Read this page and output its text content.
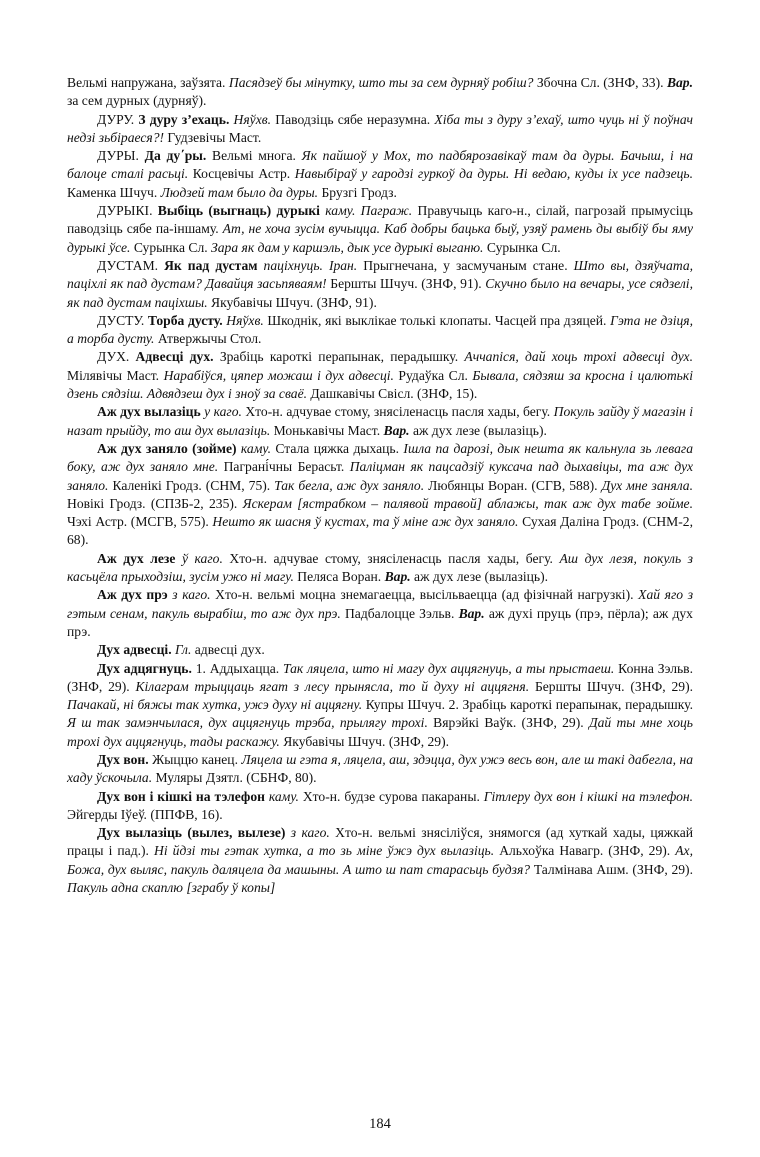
Вельмі напружана, заўзята. Пасядзеў бы мінутку, што ты за сем дурняў робіш? Збочна Сл. (ЗНФ, 33). Вар. за сем дурных (дурняў).

ДУРУ. З дуру з’ехаць. Няўхв. Паводзіць сябе неразумна. Хіба ты з дуру з’ехаў, што чуць ні ў поўнач недзі зьбіраеся?! Гудзевічы Маст.

ДУРЫ. Да ду΄ры. Вельмі многа. Як пайшоў у Мох, то падбярозавікаў там да дуры. Бачыш, і на балоце сталі расьці. Косцевічы Астр. Навыбіраў у гародзі гуркоў да дуры. Ні ведаю, куды іх усе падзець. Каменка Шчуч. Людзей там было да дуры. Брузгі Гродз.

ДУРЫКІ. Выбіць (выгнаць) дурыкі каму. Паграж. Правучыць каго-н., сілай, пагрозай прымусіць паводзіць сябе па-іншаму. Ат, не хоча зусім вучыцца. Каб добры бацька быў, узяў рамень ды выбіў бы яму дурыкі ўсе. Сурынка Сл. Зара як дам у каршэль, дык усе дурыкі выганю. Сурынка Сл.

ДУСТАМ. Як пад дустам паціхнуць. Іран. Прыгнечана, у засмучаным стане. Што вы, дзяўчата, паціхлі як пад дустам? Давайця засьпяваям! Бершты Шчуч. (ЗНФ, 91). Скучно было на вечары, усе сядзелі, як пад дустам паціхшы. Якубавічы Шчуч. (ЗНФ, 91).

ДУСТУ. Торба дусту. Няўхв. Шкоднік, які выклікае толькі клопаты. Часцей пра дзяцей. Гэта не дзіця, а торба дусту. Атвержычы Стол.

ДУХ. Адвесці дух. Зрабіць кароткі перапынак, перадышку. Аччапіся, дай хоць трохі адвесці дух. Мілявічы Маст. Нарабіўся, цяпер можаш і дух адвесці. Рудаўка Сл. Бывала, сядзяш за кросна і цалютькі дзень сядзіш. Адвядзеш дух і зноў за сваё. Дашкавічы Свісл. (ЗНФ, 15).

Аж дух вылазіць у каго. Хто-н. адчувае стому, знясіленасць пасля хады, бегу. Покуль зайду ў магазін і назат прыйду, то аш дух вылазіць. Монькавічы Маст. Вар. аж дух лезе (вылазіць).

Аж дух заняло (зойме) каму. Стала цяжка дыхаць. Ішла па дарозі, дык нешта як кальнула зь левага боку, аж дух заняло мне. Паграні́чны Берасьт. Паліцман як пацсадзіў куксача пад дыхавіцы, та аж дух заняло. Каленікі Гродз. (СНМ, 75). Так бегла, аж дух заняло. Любянцы Воран. (СГВ, 588). Дух мне заняла. Новікі Гродз. (СПЗБ-2, 235). Яскерам [ястрабком – палявой травой] аблажы, так аж дух табе зойме. Чэхі Астр. (МСГВ, 575). Нешто як шасня ў кустах, та ў міне аж дух заняло. Сухая Даліна Гродз. (СНМ-2, 68).

Аж дух лезе ў каго. Хто-н. адчувае стому, знясіленасць пасля хады, бегу. Аш дух лезя, покуль з касьцёла прыходзіш, зусім ужо ні магу. Пеляса Воран. Вар. аж дух лезе (вылазіць).

Аж дух прэ з каго. Хто-н. вельмі моцна знемагаецца, высільваецца (ад фізічнай нагрузкі). Хай яго з гэтым сенам, пакуль вырабіш, то аж дух прэ. Падбалоцце Зэльв. Вар. аж духі пруць (прэ, пёрла); аж дух прэ.

Дух адвесці. Гл. адвесці дух.

Дух адцягнуць. 1. Аддыхацца. Так ляцела, што ні магу дух аццягнуць, а ты прыстаеш. Конна Зэльв. (ЗНФ, 29). Кілаграм трыццаць ягат з лесу прынясла, то й духу ні аццягня. Бершты Шчуч. (ЗНФ, 29). Пачакай, ні бяжы так хутка, ужэ духу ні аццягну. Купры Шчуч. 2. Зрабіць кароткі перапынак, перадышку. Я ш так замэнчылася, дух аццягнуць трэба, прылягу трохі. Вярэйкі Ваўк. (ЗНФ, 29). Дай ты мне хоць трохі дух аццягнуць, тады раскажу. Якубавічы Шчуч. (ЗНФ, 29).

Дух вон. Жыццю канец. Ляцела ш гэта я, ляцела, аш, здэцца, дух ужэ весь вон, але ш такі дабегла, на хаду ўскочыла. Муляры Дзятл. (СБНФ, 80).

Дух вон і кішкі на тэлефон каму. Хто-н. будзе сурова пакараны. Гітлеру дух вон і кішкі на тэлефон. Эйгерды Іўеў. (ППФВ, 16).

Дух вылазіць (вылез, вылезе) з каго. Хто-н. вельмі знясіліўся, знямогся (ад хуткай хады, цяжкай працы і пад.). Ні йдзі ты гэтак хутка, а то зь міне ўжэ дух вылазіць. Альхоўка Навагр. (ЗНФ, 29). Ах, Божа, дух выляс, пакуль даляцела да машыны. А што ш пат старасьць будзя? Талмінава Ашм. (ЗНФ, 29). Пакуль адна скаплю [зграбу ў копы]

184
